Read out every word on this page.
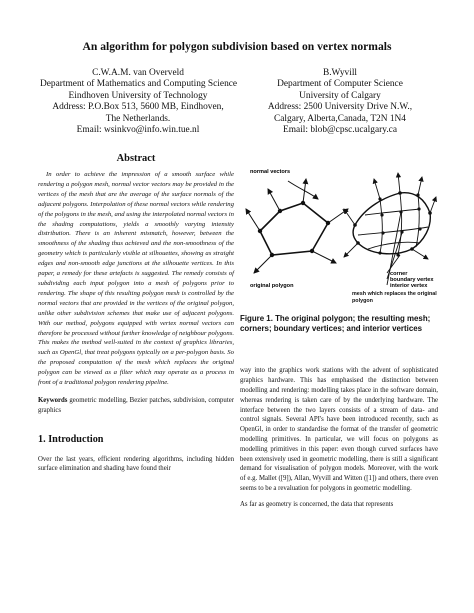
An algorithm for polygon subdivision based on vertex normals
C.W.A.M. van Overveld
Department of Mathematics and Computing Science
Eindhoven University of Technology
Address: P.O.Box 513, 5600 MB, Eindhoven,
The Netherlands.
Email: wsinkvo@info.win.tue.nl
B.Wyvill
Department of Computer Science
University of Calgary
Address: 2500 University Drive N.W.,
Calgary, Alberta,Canada, T2N 1N4
Email: blob@cpsc.ucalgary.ca
Abstract

In order to achieve the impression of a smooth surface while rendering a polygon mesh, normal vector vectors may be provided in the vertices of the mesh that are the average of the surface normals of the adjacent polygons. Interpolation of these normal vectors while rendering of the polygons in the mesh, and using the interpolated normal vectors in the shading computations, yields a smoothly varying intensity distribution. There is an inherent mismatch, however, between the smoothness of the shading thus achieved and the non-smoothness of the geometry which is particularly visible at silhouettes, showing as straight edges and non-smooth edge junctions at the silhouette vertices. In this paper, a remedy for these artefacts is suggested. The remedy consists of subdividing each input polygon into a mesh of polygons prior to rendering. The shape of this resulting polygon mesh is controlled by the normal vectors that are provided in the vertices of the original polygon, unlike other subdivision schemes that make use of adjacent polygons. With our method, polygons equipped with vertex normal vectors can therefore be processed without further knowledge of neighbour polygons. This makes the method well-suited in the context of graphics libraries, such as OpenGl, that treat polygons typically on a per-polygon basis. So the proposed computation of the mesh which replaces the original polygon can be viewed as a filter which may operate as a process in front of a traditional polygon rendering pipeline.

Keywords geometric modelling, Bezier patches, subdivision, computer graphics
1. Introduction

Over the last years, efficient rendering algorithms, including hidden surface elimination and shading have found their

normal vectors
corner
boundary vertex
interior vertex
original polygon
mesh which replaces the original polygon
Figure 1. The original polygon; the resulting mesh; corners; boundary vertices; and interior vertices

way into the graphics work stations with the advent of sophisticated graphics hardware. This has emphasised the distinction between modelling and rendering: modelling takes place in the software domain, whereas rendering is taken care of by the underlying hardware. The interface between the two layers consists of a stream of data- and control signals. Several API's have been introduced recently, such as OpenGl, in order to standardise the format of the transfer of geometric modelling primitives. In particular, we will focus on polygons as modelling primitives in this paper: even though curved surfaces have been extensively used in geometric modelling, there is still a significant demand for visualisation of polygon models. Moreover, with the work of e.g. Mallet ([9]), Allan, Wyvill and Witten ([1]) and others, there even seems to be a revaluation for polygons in geometric modelling.

As far as geometry is concerned, the data that represents
